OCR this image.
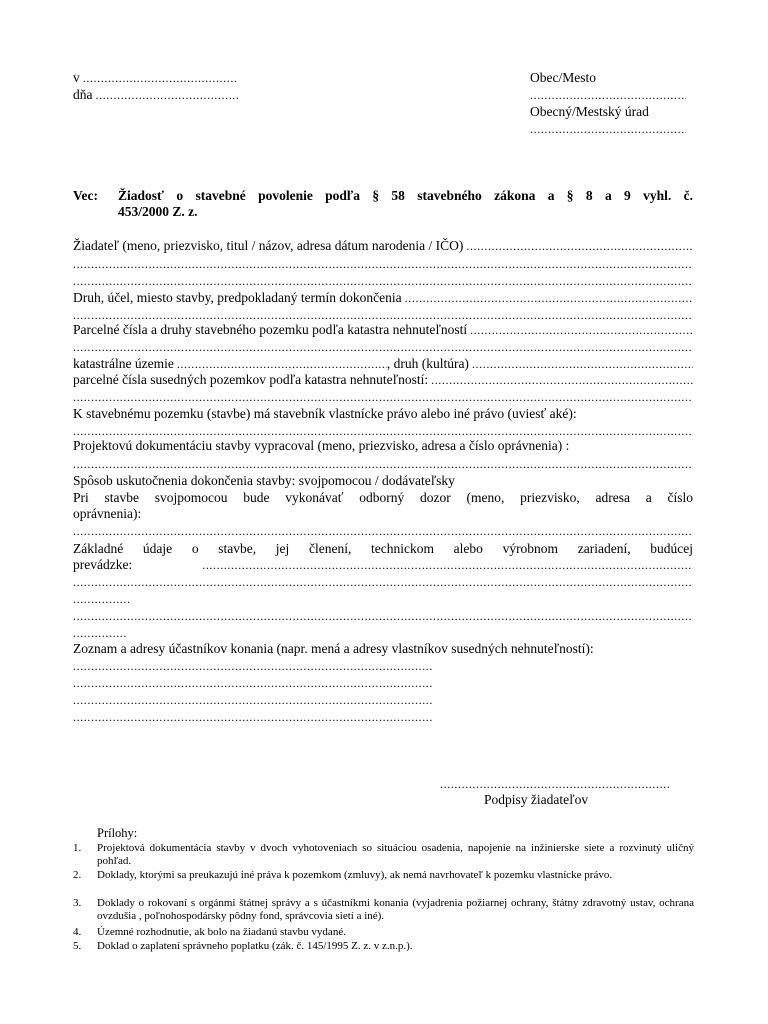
v
.....
dňa
.....
Obec/Mesto
.....
Obecný/Mestský úrad
.....
Vec: Žiadosť o stavebné povolenie podľa § 58 stavebného zákona a § 8 a 9 vyhl. č.
453/2000 Z. z.
Žiadateľ (meno, priezvisko, titul / názov, adresa dátum narodenia / IČO)
.....
.....
.....
Druh, účel, miesto stavby, predpokladaný termín dokončenia
.....
.....
Parcelné čísla a druhy stavebného pozemku podľa katastra nehnuteľností
.....
.....
katastrálne územie
.....	, druh (kultúra)
.....
parcelné čísla susedných pozemkov podľa katastra nehnuteľností:
.....
.....
K stavebnému pozemku (stavbe) má stavebník vlastnícke právo alebo iné právo (uviesť aké):
.....
Projektovú dokumentáciu stavby vypracoval (meno, priezvisko, adresa a číslo oprávnenia) :
.....
Spôsob uskutočnenia dokončenia stavby: svojpomocou / dodávateľsky
Pri stavbe svojpomocou bude vykonávať odborný dozor (meno, priezvisko, adresa a číslo
oprávnenia):
.....
Základné údaje o stavbe, jej členení, technickom alebo výrobnom zariadení, budúcej
prevádzke:
.....
.....
.....
.....
.....
Zoznam a adresy účastníkov konania (napr. mená a adresy vlastníkov susedných nehnuteľností):
.....
.....
.....
.....
.....
Podpisy žiadateľov
Prílohy:
1. Projektová dokumentácia stavby v dvoch vyhotoveniach so situáciou osadenia, napojenie na inžinierske siete a rozvinutý uličný pohľad.
2. Doklady, ktorými sa preukazujú iné práva k pozemkom (zmluvy), ak nemá navrhovateľ k pozemku vlastnícke právo.
3. Doklady o rokovaní s orgánmi štátnej správy a s účastníkmi konania (vyjadrenia požiarnej ochrany, štátny zdravotný ustav, ochrana ovzdušia , poľnohospodársky pôdny fond, správcovia sietí a iné).
4. Územné rozhodnutie, ak bolo na žiadanú stavbu vydané.
5. Doklad o zaplatení správneho poplatku (zák. č. 145/1995 Z. z. v z.n.p.).
